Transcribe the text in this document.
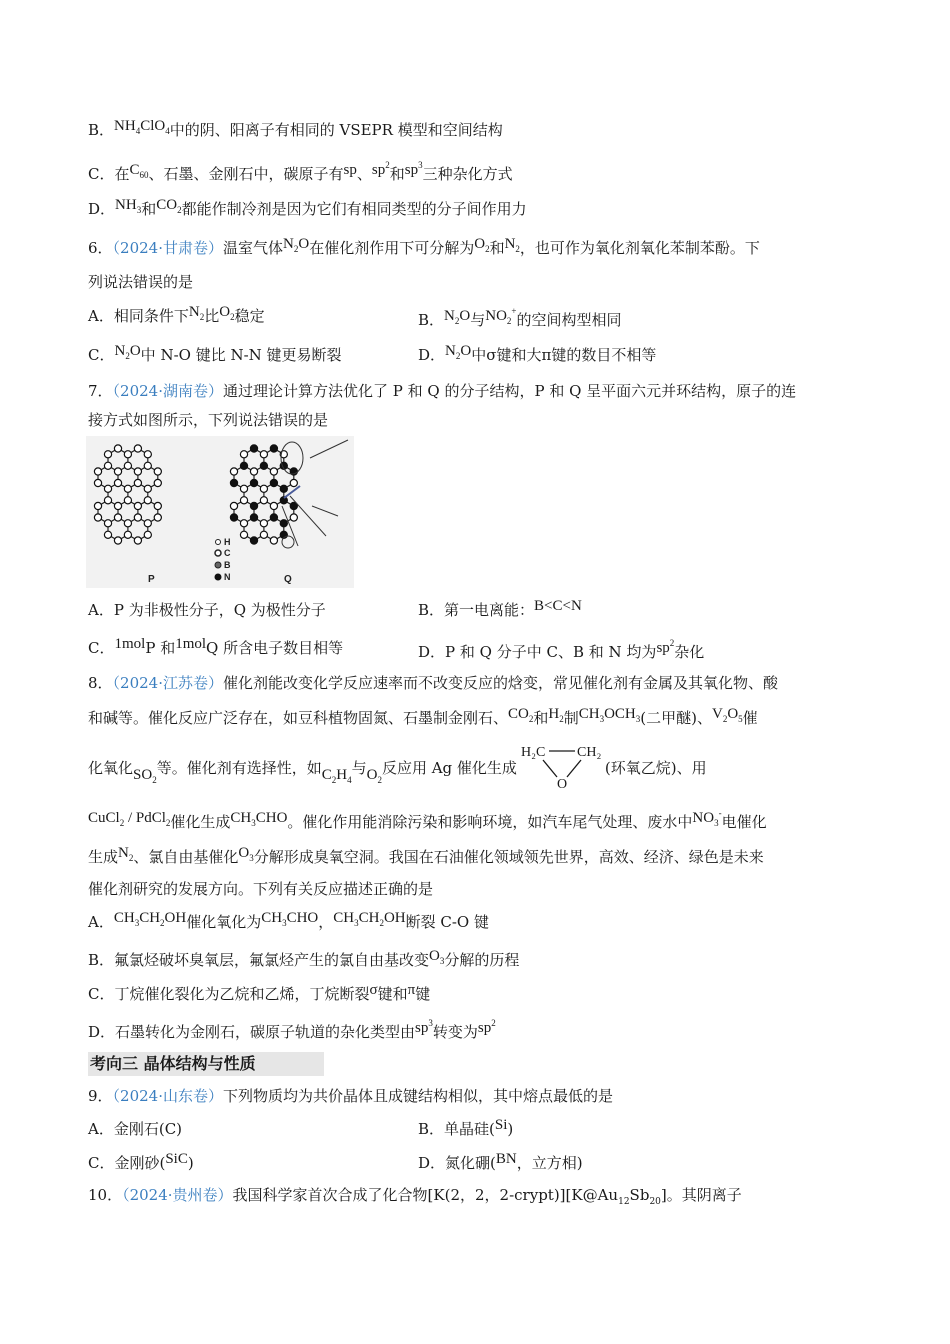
B．$NH_4ClO_4$中的阴、阳离子有相同的 VSEPR 模型和空间结构
C．在$C_{60}$、石墨、金刚石中，碳原子有sp、$sp^2$和$sp^3$三种杂化方式
D．$NH_3$和$CO_2$都能作制冷剂是因为它们有相同类型的分子间作用力
6．（2024·甘肃卷）温室气体$N_2O$在催化剂作用下可分解为$O_2$和$N_2$，也可作为氧化剂氧化苯制苯酚。下
列说法错误的是
A．相同条件下$N_2$比$O_2$稳定	B．$N_2O$与$NO_2^+$的空间构型相同
C．$N_2O$中 N-O 键比 N-N 键更易断裂	D．$N_2O$中σ键和大π键的数目不相等
7．（2024·湖南卷）通过理论计算方法优化了 P 和 Q 的分子结构，P 和 Q 呈平面六元并环结构，原子的连
接方式如图所示，下列说法错误的是
H
C
B
N
P	Q
A．P 为非极性分子，Q 为极性分子	B．第一电离能：B<C<N
C．1molP 和1molQ 所含电子数目相等	D．P 和 Q 分子中 C、B 和 N 均为$sp^2$杂化
8．（2024·江苏卷）催化剂能改变化学反应速率而不改变反应的焓变，常见催化剂有金属及其氧化物、酸
和碱等。催化反应广泛存在，如豆科植物固氮、石墨制金刚石、$CO_2$和$H_2$制$CH_3OCH_3$(二甲醚)、$V_2O_5$催
化氧化$SO_2$等。催化剂有选择性，如$C_2H_4$与$O_2$反应用 Ag 催化生成
H₂C CH₂
O
(环氧乙烷)、用
CuCl$_2$ / PdCl$_2$催化生成$CH_3CHO$。催化作用能消除污染和影响环境，如汽车尾气处理、废水中$NO_3^-$电催化
生成$N_2$、氯自由基催化$O_3$分解形成臭氧空洞。我国在石油催化领域领先世界，高效、经济、绿色是未来
催化剂研究的发展方向。下列有关反应描述正确的是
A．$CH_3CH_2OH$催化氧化为$CH_3CHO$，$CH_3CH_2OH$断裂 C-O 键
B．氟氯烃破坏臭氧层，氟氯烃产生的氯自由基改变$O_3$分解的历程
C．丁烷催化裂化为乙烷和乙烯，丁烷断裂σ键和π键
D．石墨转化为金刚石，碳原子轨道的杂化类型由$sp^3$转变为$sp^2$
考向三 晶体结构与性质
9．（2024·山东卷）下列物质均为共价晶体且成键结构相似，其中熔点最低的是
A．金刚石(C)	B．单晶硅(Si)
C．金刚砂(SiC)	D．氮化硼(BN，立方相)
10．（2024·贵州卷）我国科学家首次合成了化合物[K(2，2，$2-crypt)][K@Au_{12}Sb_{20}]$。其阴离子
